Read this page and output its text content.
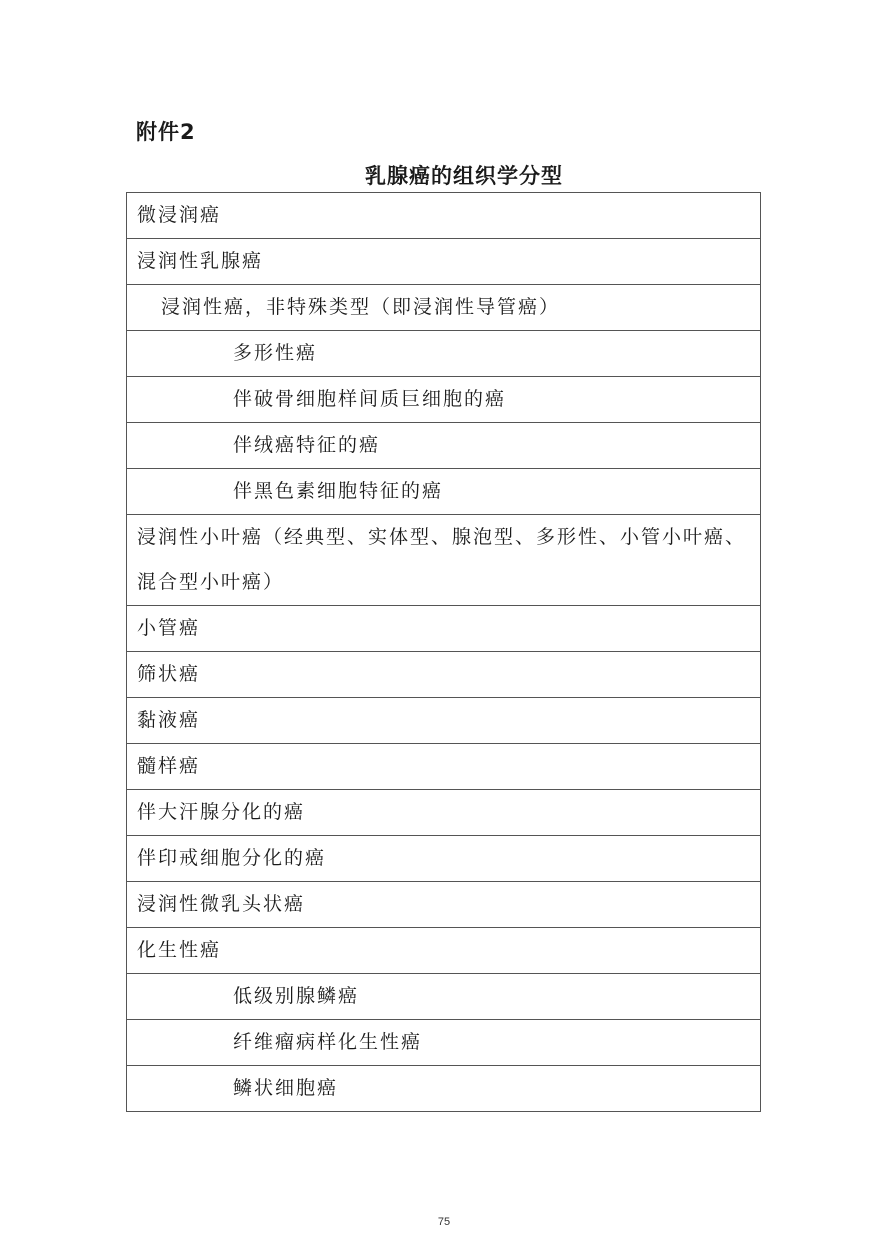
附件2
乳腺癌的组织学分型
微浸润癌
浸润性乳腺癌
浸润性癌，非特殊类型（即浸润性导管癌）
多形性癌
伴破骨细胞样间质巨细胞的癌
伴绒癌特征的癌
伴黑色素细胞特征的癌
浸润性小叶癌（经典型、实体型、腺泡型、多形性、小管小叶癌、混合型小叶癌）
小管癌
筛状癌
黏液癌
髓样癌
伴大汗腺分化的癌
伴印戒细胞分化的癌
浸润性微乳头状癌
化生性癌
低级别腺鳞癌
纤维瘤病样化生性癌
鳞状细胞癌
75
